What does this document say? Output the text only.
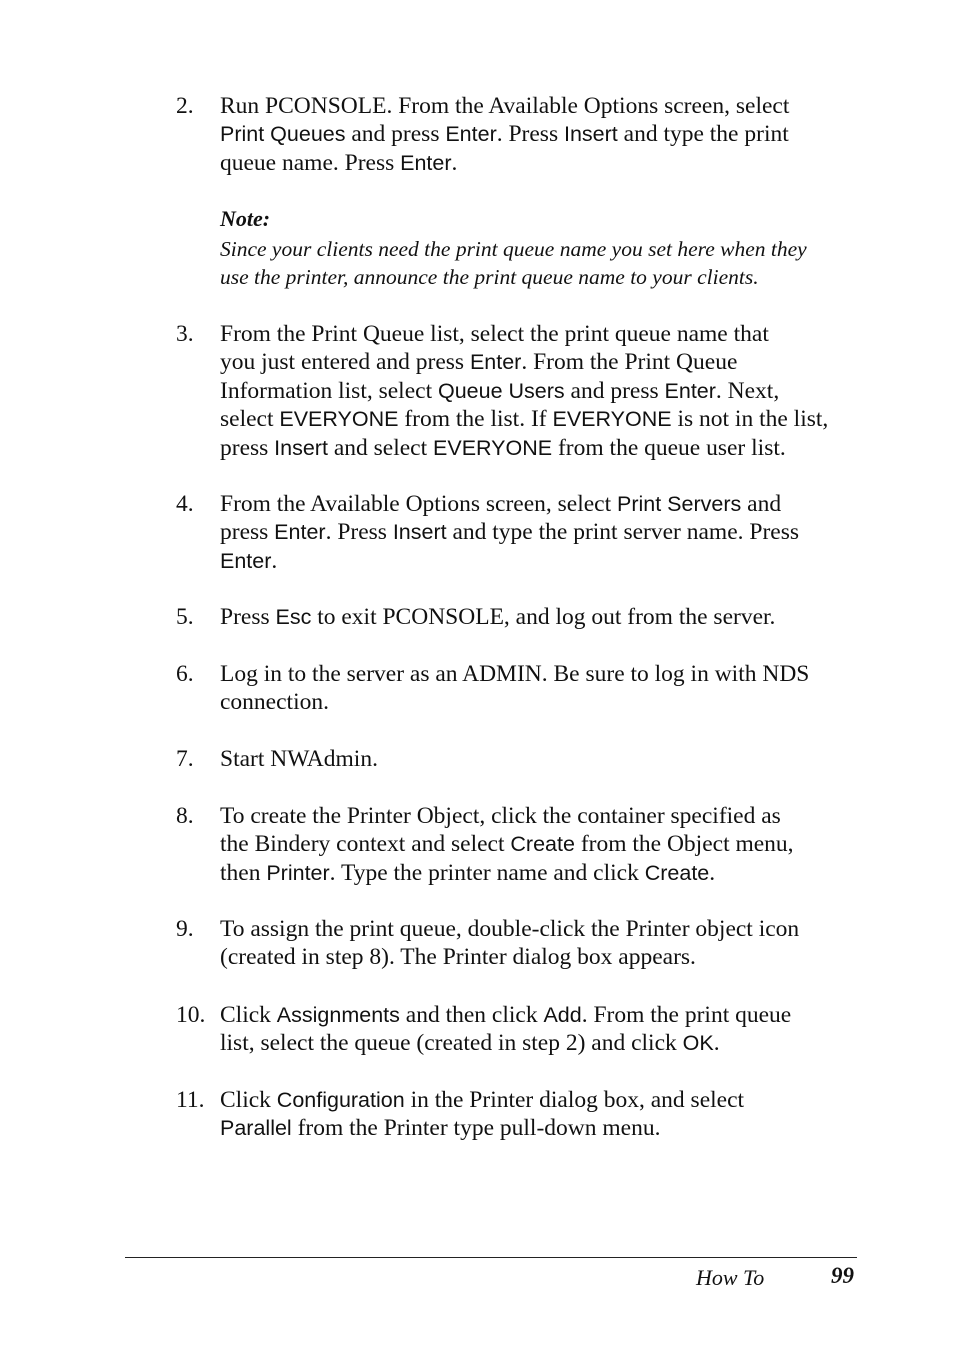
2. Run PCONSOLE. From the Available Options screen, select
Print Queues and press Enter. Press Insert and type the print
queue name. Press Enter.
3. From the Print Queue list, select the print queue name that
you just entered and press Enter. From the Print Queue
Information list, select Queue Users and press Enter. Next,
select EVERYONE from the list. If EVERYONE is not in the list,
press Insert and select EVERYONE from the queue user list.
4. From the Available Options screen, select Print Servers and
press Enter. Press Insert and type the print server name. Press
Enter.
5. Press Esc to exit PCONSOLE, and log out from the server.
6. Log in to the server as an ADMIN. Be sure to log in with NDS
connection.
7. Start NWAdmin.
8. To create the Printer Object, click the container specified as
the Bindery context and select Create from the Object menu,
then Printer. Type the printer name and click Create.
9. To assign the print queue, double-click the Printer object icon
(created in step 8). The Printer dialog box appears.
10. Click Assignments and then click Add. From the print queue
list, select the queue (created in step 2) and click OK.
11. Click Configuration in the Printer dialog box, and select
Parallel from the Printer type pull-down menu.
Note:
Since your clients need the print queue name you set here when they
use the printer, announce the print queue name to your clients.
How To	99
